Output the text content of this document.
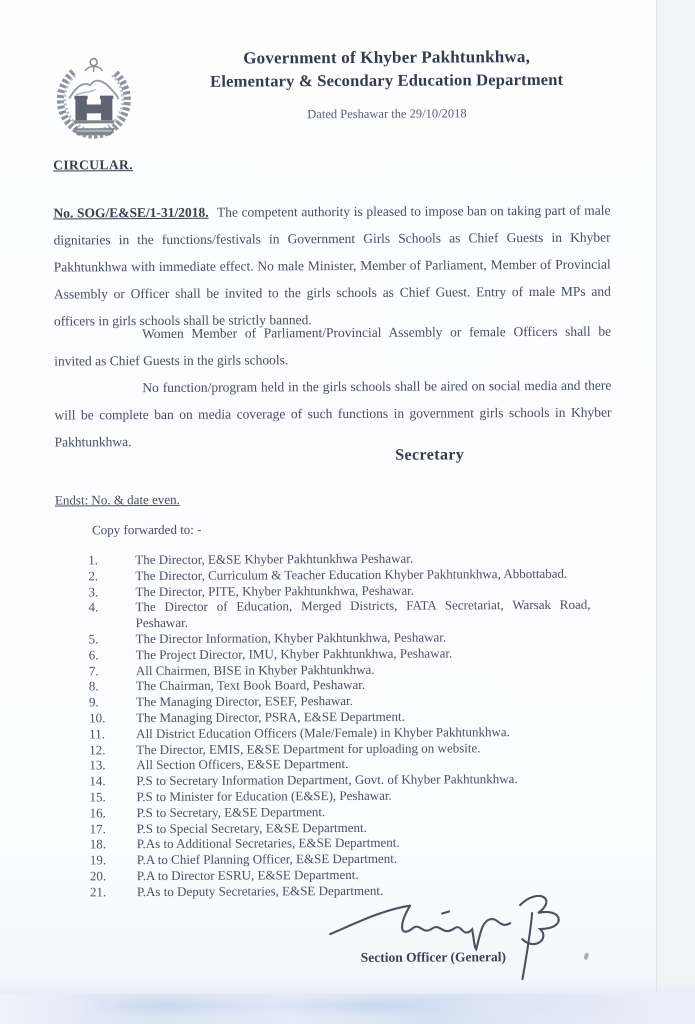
Government of Khyber Pakhtunkhwa,
Elementary & Secondary Education Department
Dated Peshawar the 29/10/2018
CIRCULAR.

No. SOG/E&SE/1-31/2018. The competent authority is pleased to impose ban on taking part of male dignitaries in the functions/festivals in Government Girls Schools as Chief Guests in Khyber Pakhtunkhwa with immediate effect. No male Minister, Member of Parliament, Member of Provincial Assembly or Officer shall be invited to the girls schools as Chief Guest. Entry of male MPs and officers in girls schools shall be strictly banned.

Women Member of Parliament/Provincial Assembly or female Officers shall be invited as Chief Guests in the girls schools.

No function/program held in the girls schools shall be aired on social media and there will be complete ban on media coverage of such functions in government girls schools in Khyber Pakhtunkhwa.

Secretary
Endst: No. & date even.
Copy forwarded to: -
1.	The Director, E&SE Khyber Pakhtunkhwa Peshawar.
2.	The Director, Curriculum & Teacher Education Khyber Pakhtunkhwa, Abbottabad.
3.	The Director, PITE, Khyber Pakhtunkhwa, Peshawar.
4.	The Director of Education, Merged Districts, FATA Secretariat, Warsak Road, Peshawar.
5.	The Director Information, Khyber Pakhtunkhwa, Peshawar.
6.	The Project Director, IMU, Khyber Pakhtunkhwa, Peshawar.
7.	All Chairmen, BISE in Khyber Pakhtunkhwa.
8.	The Chairman, Text Book Board, Peshawar.
9.	The Managing Director, ESEF, Peshawar.
10.	The Managing Director, PSRA, E&SE Department.
11.	All District Education Officers (Male/Female) in Khyber Pakhtunkhwa.
12.	The Director, EMIS, E&SE Department for uploading on website.
13.	All Section Officers, E&SE Department.
14.	P.S to Secretary Information Department, Govt. of Khyber Pakhtunkhwa.
15.	P.S to Minister for Education (E&SE), Peshawar.
16.	P.S to Secretary, E&SE Department.
17.	P.S to Special Secretary, E&SE Department.
18.	P.As to Additional Secretaries, E&SE Department.
19.	P.A to Chief Planning Officer, E&SE Department.
20.	P.A to Director ESRU, E&SE Department.
21.	P.As to Deputy Secretaries, E&SE Department.
Section Officer (General)
